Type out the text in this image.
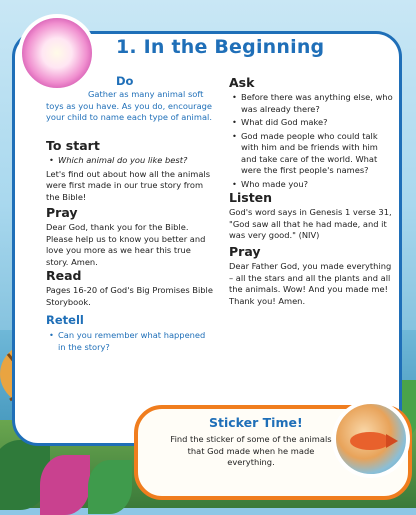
1. In the Beginning
Do

Gather as many animal soft toys as you have. As you do, encourage your child to name each type of animal.

To start
• Which animal do you like best?

Let's find out about how all the animals were first made in our true story from the Bible!

Pray

Dear God, thank you for the Bible. Please help us to know you better and love you more as we hear this true story. Amen.

Read

Pages 16-20 of God's Big Promises Bible Storybook.

Retell
• Can you remember what happened in the story?
Ask
• Before there was anything else, who was already there?
• What did God make?
• God made people who could talk with him and be friends with him and take care of the world. What were the first people's names?
• Who made you?
Listen

God's word says in Genesis 1 verse 31, "God saw all that he had made, and it was very good." (NIV)

Pray

Dear Father God, you made everything – all the stars and all the plants and all the animals. Wow! And you made me! Thank you! Amen.

Sticker Time!

Find the sticker of some of the animals that God made when he made everything.
